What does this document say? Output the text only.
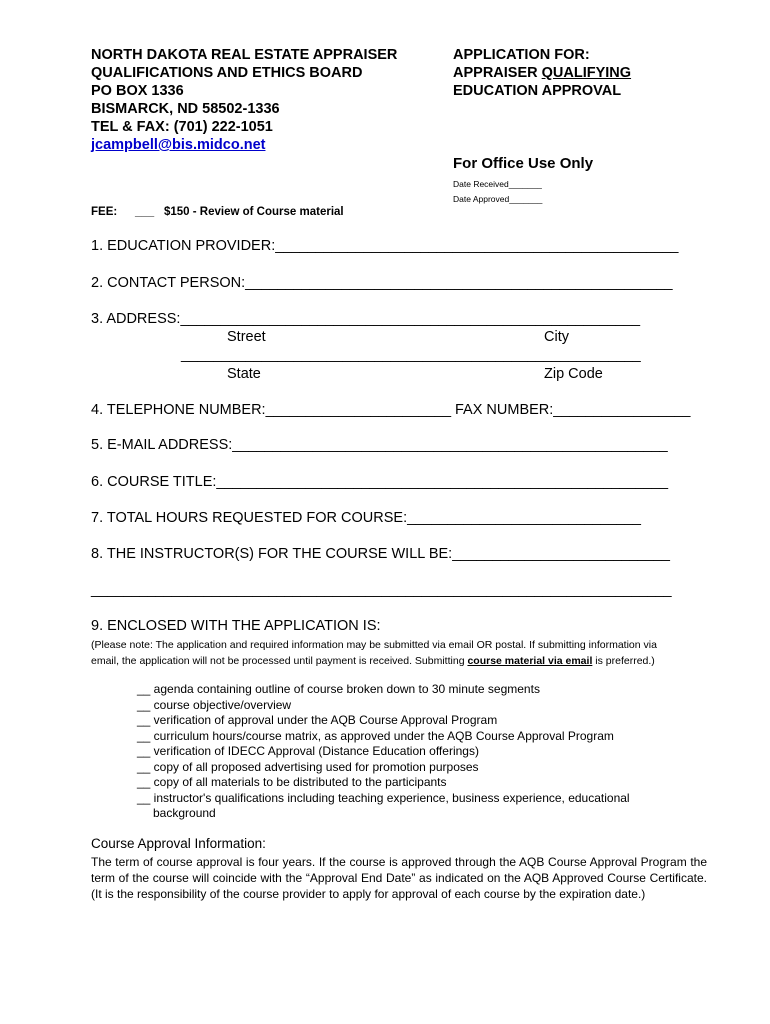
NORTH DAKOTA REAL ESTATE APPRAISER
QUALIFICATIONS AND ETHICS BOARD
PO BOX 1336
BISMARCK, ND 58502-1336
TEL & FAX: (701) 222-1051
jcampbell@bis.midco.net
APPLICATION FOR:
APPRAISER QUALIFYING
EDUCATION APPROVAL
For Office Use Only
Date Received_______
Date Approved_______
FEE: ___ $150 - Review of Course material
1. EDUCATION PROVIDER:__________________________________________________
2. CONTACT PERSON:_____________________________________________________
3. ADDRESS:_________________________________________________________
Street	City
_________________________________________________________
State	Zip Code
4. TELEPHONE NUMBER:_______________________ FAX NUMBER:_________________
5. E-MAIL ADDRESS:______________________________________________________
6. COURSE TITLE:________________________________________________________
7. TOTAL HOURS REQUESTED FOR COURSE:_____________________________
8. THE INSTRUCTOR(S) FOR THE COURSE WILL BE:___________________________
________________________________________________________________________
9. ENCLOSED WITH THE APPLICATION IS:
(Please note: The application and required information may be submitted via email OR postal. If submitting information via
email, the application will not be processed until payment is received. Submitting course material via email is preferred.)
__ agenda containing outline of course broken down to 30 minute segments
__ course objective/overview
__ verification of approval under the AQB Course Approval Program
__ curriculum hours/course matrix, as approved under the AQB Course Approval Program
__ verification of IDECC Approval (Distance Education offerings)
__ copy of all proposed advertising used for promotion purposes
__ copy of all materials to be distributed to the participants
__ instructor's qualifications including teaching experience, business experience, educational
background
Course Approval Information:
The term of course approval is four years. If the course is approved through the AQB Course Approval Program the term of the course will coincide with the “Approval End Date” as indicated on the AQB Approved Course Certificate. (It is the responsibility of the course provider to apply for approval of each course by the expiration date.)
